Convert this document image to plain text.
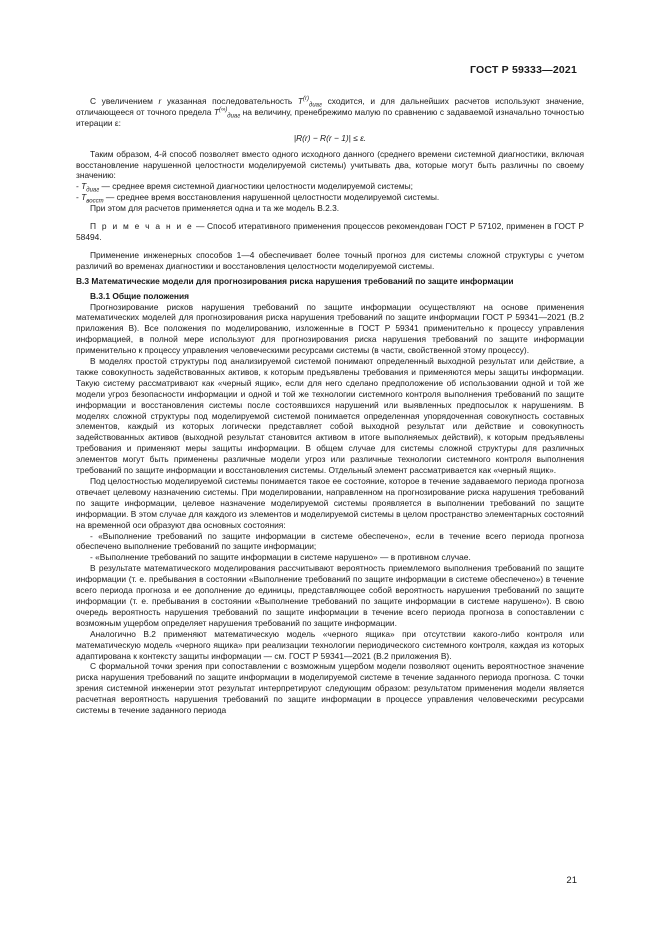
ГОСТ Р 59333—2021

С увеличением r указанная последовательность $T^{(r)}_{диаг}$ сходится, и для дальнейших расчетов используют значение, отличающееся от точного предела $T^{(\infty)}_{диаг}$ на величину, пренебрежимо малую по сравнению с задаваемой изначально точностью итерации ε:

|R(r) − R(r − 1)| ≤ ε.

Таким образом, 4-й способ позволяет вместо одного исходного данного (среднего времени системной диагностики, включая восстановление нарушенной целостности моделируемой системы) учитывать два, которые могут быть различны по своему значению:

- $T_{диаг}$ — среднее время системной диагностики целостности моделируемой системы;

- $T_{восст}$ — среднее время восстановления нарушенной целостности моделируемой системы.

При этом для расчетов применяется одна и та же модель В.2.3.

П р и м е ч а н и е — Способ итеративного применения процессов рекомендован ГОСТ Р 57102, применен в ГОСТ Р 58494.

Применение инженерных способов 1—4 обеспечивает более точный прогноз для системы сложной структуры с учетом различий во временах диагностики и восстановления целостности моделируемой системы.

В.3 Математические модели для прогнозирования риска нарушения требований по защите информации

В.3.1 Общие положения

Прогнозирование рисков нарушения требований по защите информации осуществляют на основе применения математических моделей для прогнозирования риска нарушения требований по защите информации ГОСТ Р 59341—2021 (В.2 приложения В). Все положения по моделированию, изложенные в ГОСТ Р 59341 применительно к процессу управления информацией, в полной мере используют для прогнозирования риска нарушения требований по защите информации применительно к процессу управления человеческими ресурсами системы (в части, свойственной этому процессу).

В моделях простой структуры под анализируемой системой понимают определенный выходной результат или действие, а также совокупность задействованных активов, к которым предъявлены требования и применяются меры защиты информации. Такую систему рассматривают как «черный ящик», если для него сделано предположение об использовании одной и той же модели угроз безопасности информации и одной и той же технологии системного контроля выполнения требований по защите информации и восстановления системы после состоявшихся нарушений или выявленных предпосылок к нарушениям. В моделях сложной структуры под моделируемой системой понимается определенная упорядоченная совокупность составных элементов, каждый из которых логически представляет собой выходной результат или действие и совокупность задействованных активов (выходной результат становится активом в итоге выполняемых действий), к которым предъявлены требования и применяют меры защиты информации. В общем случае для системы сложной структуры для различных элементов могут быть применены различные модели угроз или различные технологии системного контроля выполнения требований по защите информации и восстановления системы. Отдельный элемент рассматривается как «черный ящик».

Под целостностью моделируемой системы понимается такое ее состояние, которое в течение задаваемого периода прогноза отвечает целевому назначению системы. При моделировании, направленном на прогнозирование риска нарушения требований по защите информации, целевое назначение моделируемой системы проявляется в выполнении требований по защите информации. В этом случае для каждого из элементов и моделируемой системы в целом пространство элементарных состояний на временной оси образуют два основных состояния:

- «Выполнение требований по защите информации в системе обеспечено», если в течение всего периода прогноза обеспечено выполнение требований по защите информации;

- «Выполнение требований по защите информации в системе нарушено» — в противном случае.

В результате математического моделирования рассчитывают вероятность приемлемого выполнения требований по защите информации (т. е. пребывания в состоянии «Выполнение требований по защите информации в системе обеспечено») в течение всего периода прогноза и ее дополнение до единицы, представляющее собой вероятность нарушения требований по защите информации (т. е. пребывания в состоянии «Выполнение требований по защите информации в системе нарушено»). В свою очередь вероятность нарушения требований по защите информации в течение всего периода прогноза в сопоставлении с возможным ущербом определяет нарушения требований по защите информации.

Аналогично В.2 применяют математическую модель «черного ящика» при отсутствии какого-либо контроля или математическую модель «черного ящика» при реализации технологии периодического системного контроля, каждая из которых адаптирована к контексту защиты информации — см. ГОСТ Р 59341—2021 (В.2 приложения В).

С формальной точки зрения при сопоставлении с возможным ущербом модели позволяют оценить вероятностное значение риска нарушения требований по защите информации в моделируемой системе в течение заданного периода прогноза. С точки зрения системной инженерии этот результат интерпретируют следующим образом: результатом применения модели является расчетная вероятность нарушения требований по защите информации в процессе управления человеческими ресурсами системы в течение заданного периода

21
